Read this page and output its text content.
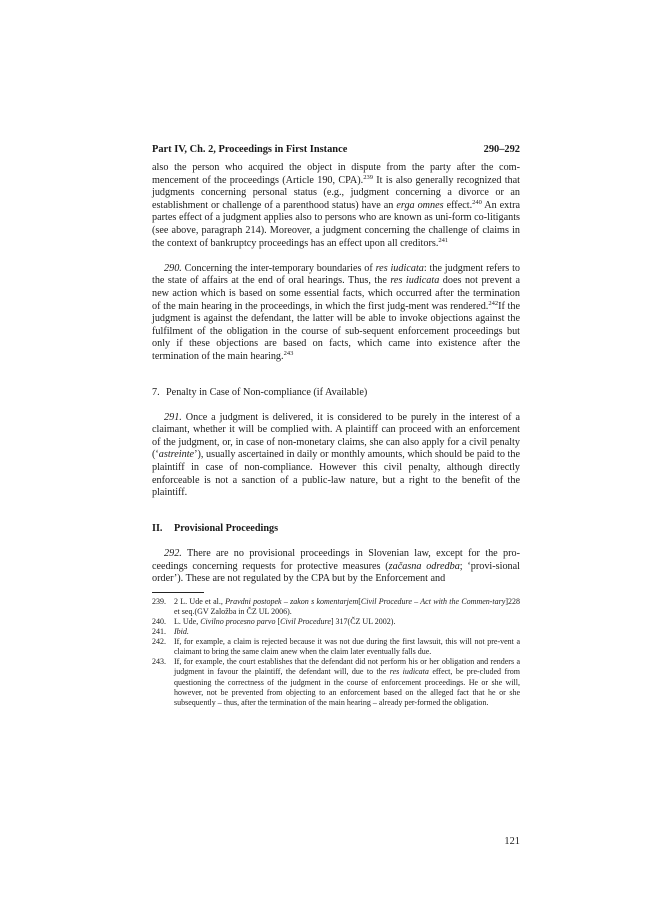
Part IV, Ch. 2, Proceedings in First Instance	290–292

also the person who acquired the object in dispute from the party after the com-mencement of the proceedings (Article 190, CPA).$^{239}$ It is also generally recognized that judgments concerning personal status (e.g., judgment concerning a divorce or an establishment or challenge of a parenthood status) have an erga omnes effect.$^{240}$ An extra partes effect of a judgment applies also to persons who are known as uni-form co-litigants (see above, paragraph 214). Moreover, a judgment concerning the challenge of claims in the context of bankruptcy proceedings has an effect upon all creditors.$^{241}$

290. Concerning the inter-temporary boundaries of res iudicata: the judgment refers to the state of affairs at the end of oral hearings. Thus, the res iudicata does not prevent a new action which is based on some essential facts, which occurred after the termination of the main hearing in the proceedings, in which the first judg-ment was rendered.$^{242}$If the judgment is against the defendant, the latter will be able to invoke objections against the fulfilment of the obligation in the course of sub-sequent enforcement proceedings but only if these objections are based on facts, which came into existence after the termination of the main hearing.$^{243}$

7. Penalty in Case of Non-compliance (if Available)

291. Once a judgment is delivered, it is considered to be purely in the interest of a claimant, whether it will be complied with. A plaintiff can proceed with an enforcement of the judgment, or, in case of non-monetary claims, she can also apply for a civil penalty (‘astreinte’), usually ascertained in daily or monthly amounts, which should be paid to the plaintiff in case of non-compliance. However this civil penalty, although directly enforceable is not a sanction of a public-law nature, but a right to the benefit of the plaintiff.

II. Provisional Proceedings

292. There are no provisional proceedings in Slovenian law, except for the pro-ceedings concerning requests for protective measures (začasna odredba; ‘provi-sional order’). These are not regulated by the CPA but by the Enforcement and

239.	2 L. Ude et al., Pravdni postopek – zakon s komentarjem[Civil Procedure – Act with the Commen-tary]228 et seq.(GV Založba in ČZ UL 2006).
240.	L. Ude, Civilno procesno parvo [Civil Procedure] 317(ČZ UL 2002).
241.	Ibid.
242.	If, for example, a claim is rejected because it was not due during the first lawsuit, this will not pre-vent a claimant to bring the same claim anew when the claim later eventually falls due.
243.	If, for example, the court establishes that the defendant did not perform his or her obligation and renders a judgment in favour the plaintiff, the defendant will, due to the res iudicata effect, be pre-cluded from questioning the correctness of the judgment in the course of enforcement proceedings. He or she will, however, not be prevented from objecting to an enforcement based on the alleged fact that he or she subsequently – thus, after the termination of the main hearing – already per-formed the obligation.
121
